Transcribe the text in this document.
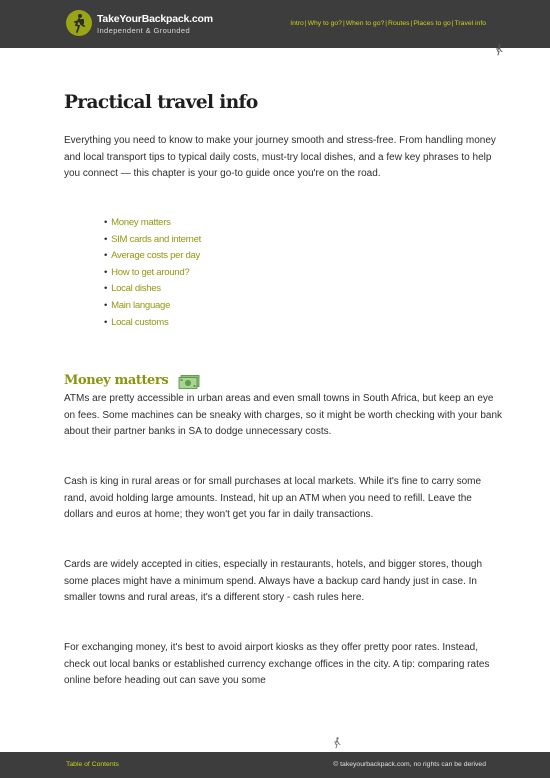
TakeYourBackpack.com
Independent & Grounded
Intro|Why to go?|When to go?|Routes|Places to go|Travel info
Practical travel info

Everything you need to know to make your journey smooth and stress-free. From handling money and local transport tips to typical daily costs, must-try local dishes, and a few key phrases to help you connect — this chapter is your go-to guide once you're on the road.

• Money matters
• SIM cards and internet
• Average costs per day
• How to get around?
• Local dishes
• Main language
• Local customs
Money matters

ATMs are pretty accessible in urban areas and even small towns in South Africa, but keep an eye on fees. Some machines can be sneaky with charges, so it might be worth checking with your bank about their partner banks in SA to dodge unnecessary costs.

Cash is king in rural areas or for small purchases at local markets. While it's fine to carry some rand, avoid holding large amounts. Instead, hit up an ATM when you need to refill. Leave the dollars and euros at home; they won't get you far in daily transactions.

Cards are widely accepted in cities, especially in restaurants, hotels, and bigger stores, though some places might have a minimum spend. Always have a backup card handy just in case. In smaller towns and rural areas, it's a different story - cash rules here.

For exchanging money, it's best to avoid airport kiosks as they offer pretty poor rates. Instead, check out local banks or established currency exchange offices in the city. A tip: comparing rates online before heading out can save you some

Table of Contents	© takeyourbackpack.com, no rights can be derived
